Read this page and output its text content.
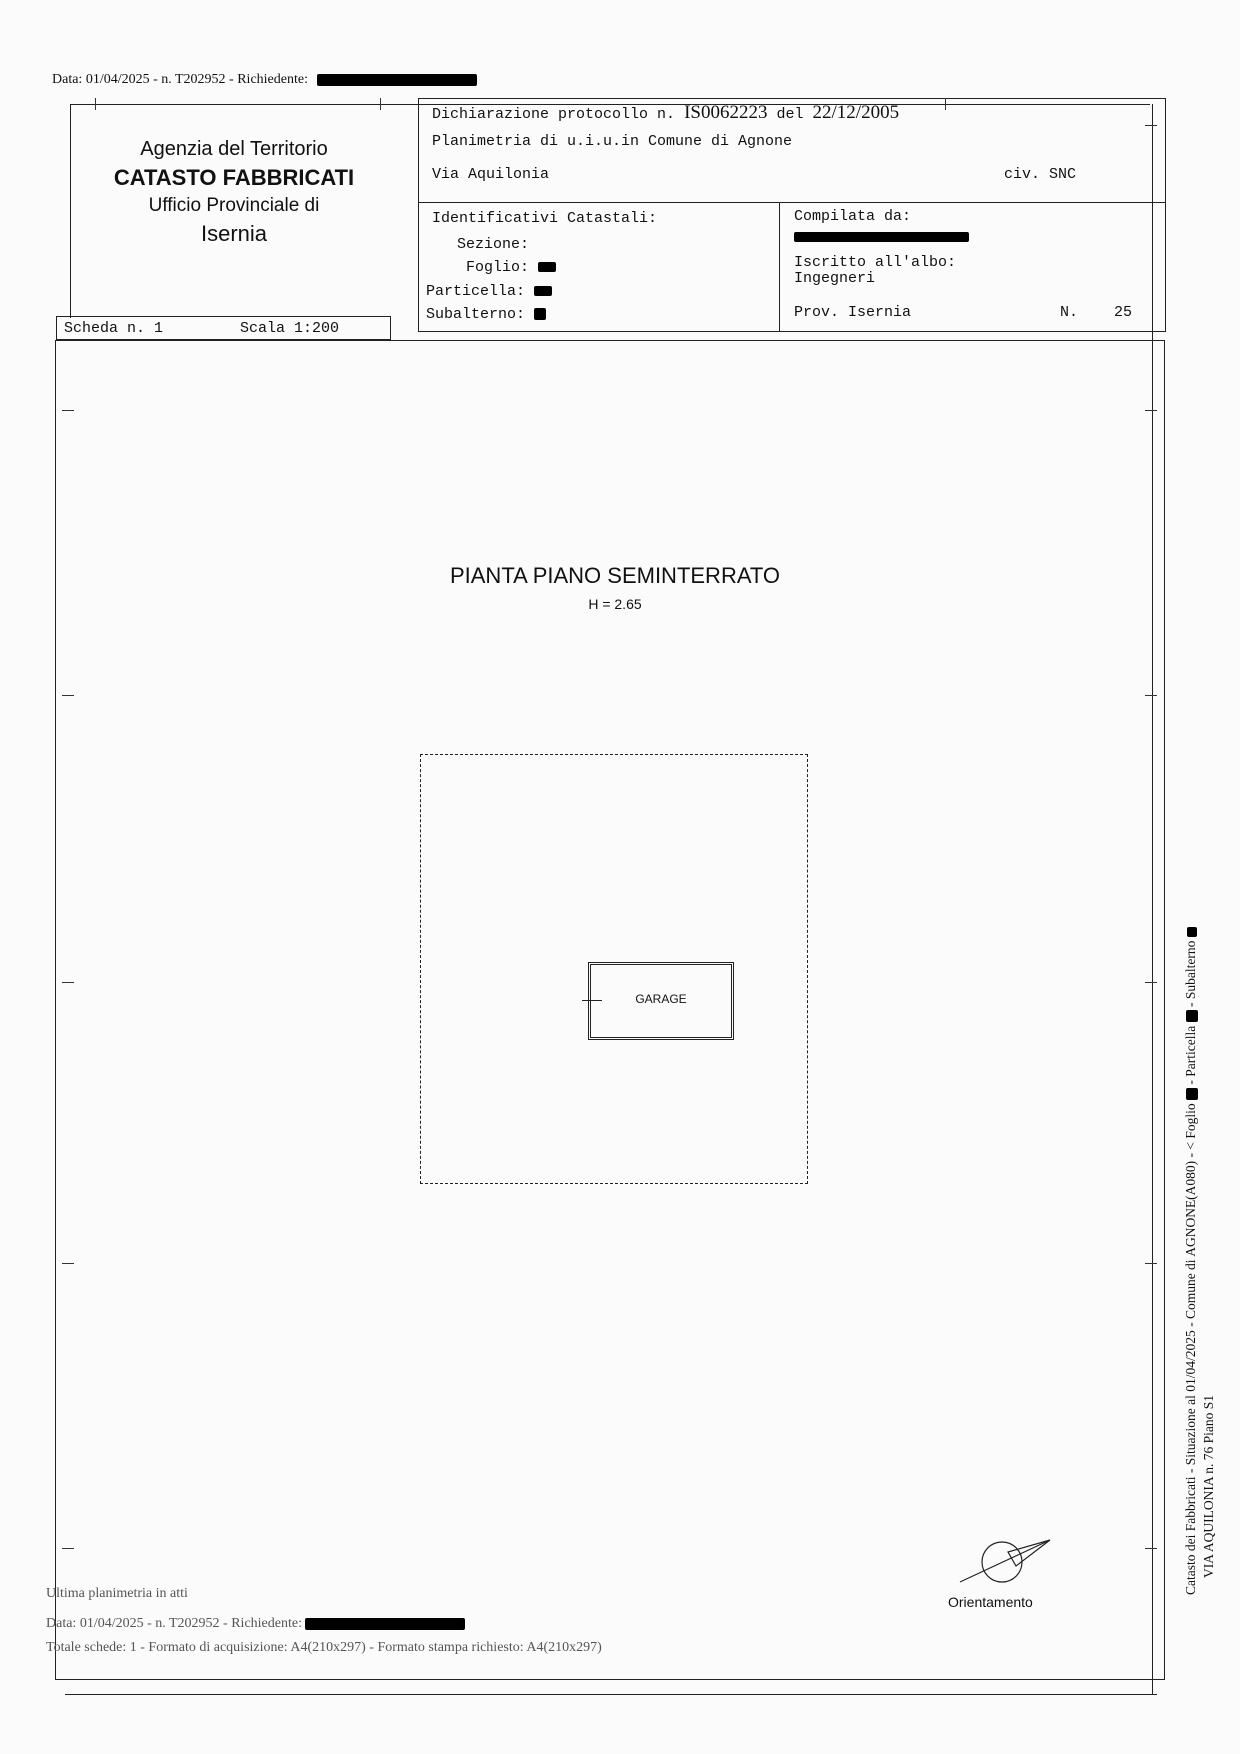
Data: 01/04/2025 - n. T202952 - Richiedente:
Agenzia del Territorio
CATASTO FABBRICATI
Ufficio Provinciale di
Isernia
Dichiarazione protocollo n. IS0062223 del 22/12/2005
Planimetria di u.i.u.in Comune di Agnone
Via Aquilonia	civ. SNC
Identificativi Catastali:
Sezione:
Foglio:
Particella:
Subalterno:
Compilata da:
Iscritto all'albo:
Ingegneri
Prov. Isernia	N. 25
Scheda n. 1	Scala 1:200
PIANTA PIANO SEMINTERRATO
H = 2.65
GARAGE
Orientamento
Catasto dei Fabbricati - Situazione al 01/04/2025 - Comune di AGNONE(A080) - < Foglio  - Particella  - Subalterno
VIA AQUILONIA n. 76 Piano S1
Ultima planimetria in atti
Data: 01/04/2025 - n. T202952 - Richiedente:
Totale schede: 1 - Formato di acquisizione: A4(210x297) - Formato stampa richiesto: A4(210x297)
